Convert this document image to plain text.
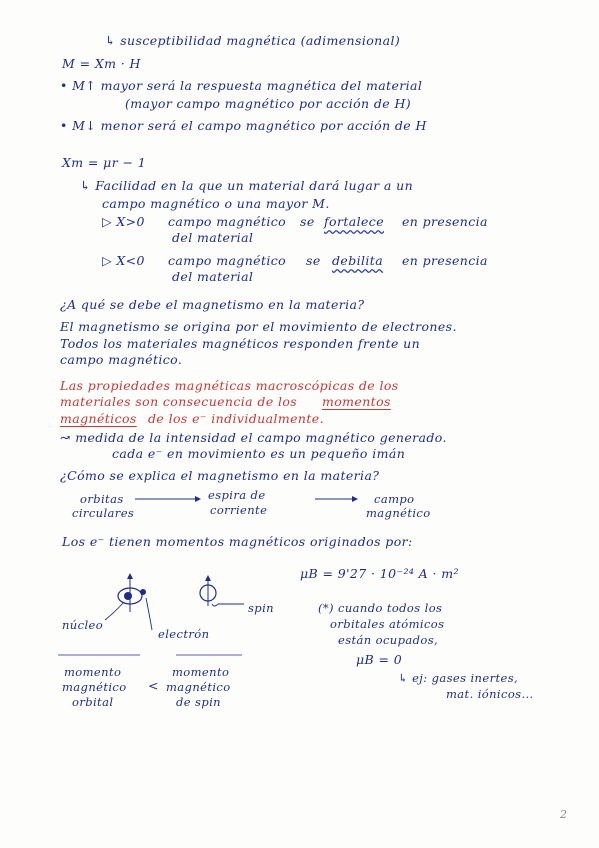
↳ susceptibilidad magnética (adimensional)
M = Xm · H
• M↑ mayor será la respuesta magnética del material
(mayor campo magnético por acción de H)
• M↓ menor será el campo magnético por acción de H
Xm = μr − 1
↳ Facilidad en la que un material dará lugar a un
campo magnético o una mayor M.
▷ X>0 campo magnético se fortalece en presencia
del material
▷ X<0 campo magnético se debilita en presencia
del material
¿A qué se debe el magnetismo en la materia?
El magnetismo se origina por el movimiento de electrones.
Todos los materiales magnéticos responden frente un
campo magnético.
Las propiedades magnéticas macroscópicas de los
materiales son consecuencia de los momentos
magnéticos de los e⁻ individualmente.
↝ medida de la intensidad el campo magnético generado.
cada e⁻ en movimiento es un pequeño imán
¿Cómo se explica el magnetismo en la materia?
orbitas
circulares
espira de
corriente
campo
magnético
Los e⁻ tienen momentos magnéticos originados por:
μB = 9'27 · 10⁻²⁴ A · m²
spin
núcleo
electrón
(*) cuando todos los
orbitales atómicos
están ocupados,
μB = 0
↳ ej: gases inertes,
mat. iónicos...
momento
magnético
orbital
<
momento
magnético
de spin
2
